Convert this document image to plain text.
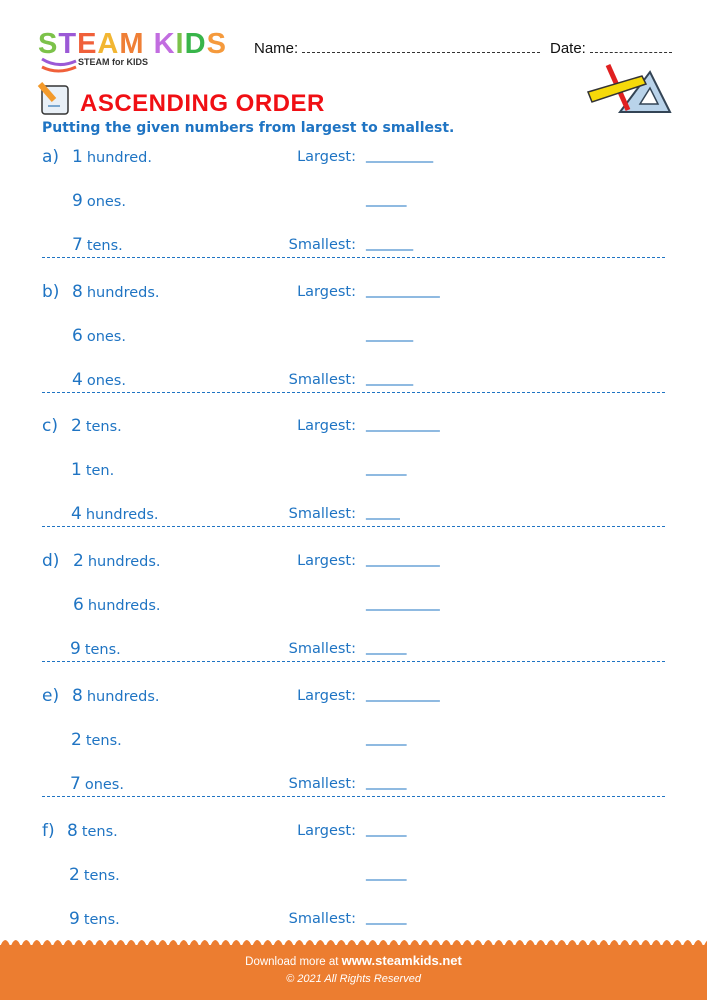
STEAM KIDS
STEAM for KIDS
Name:	Date:
ASCENDING ORDER
Putting the given numbers from largest to smallest.
a) 1 hundred.	Largest: __________
9 ones.	______
7 tens.	Smallest: _______
b) 8 hundreds.	Largest: ___________
6 ones.	_______
4 ones.	Smallest: _______
c) 2 tens.	Largest: ___________
1 ten.	______
4 hundreds.	Smallest: _____
d) 2 hundreds.	Largest: ___________
6 hundreds.	___________
9 tens.	Smallest: ______
e) 8 hundreds.	Largest: ___________
2 tens.	______
7 ones.	Smallest: ______
f) 8 tens.	Largest: ______
2 tens.	______
9 tens.	Smallest: ______
Download more at www.steamkids.net
© 2021 All Rights Reserved
